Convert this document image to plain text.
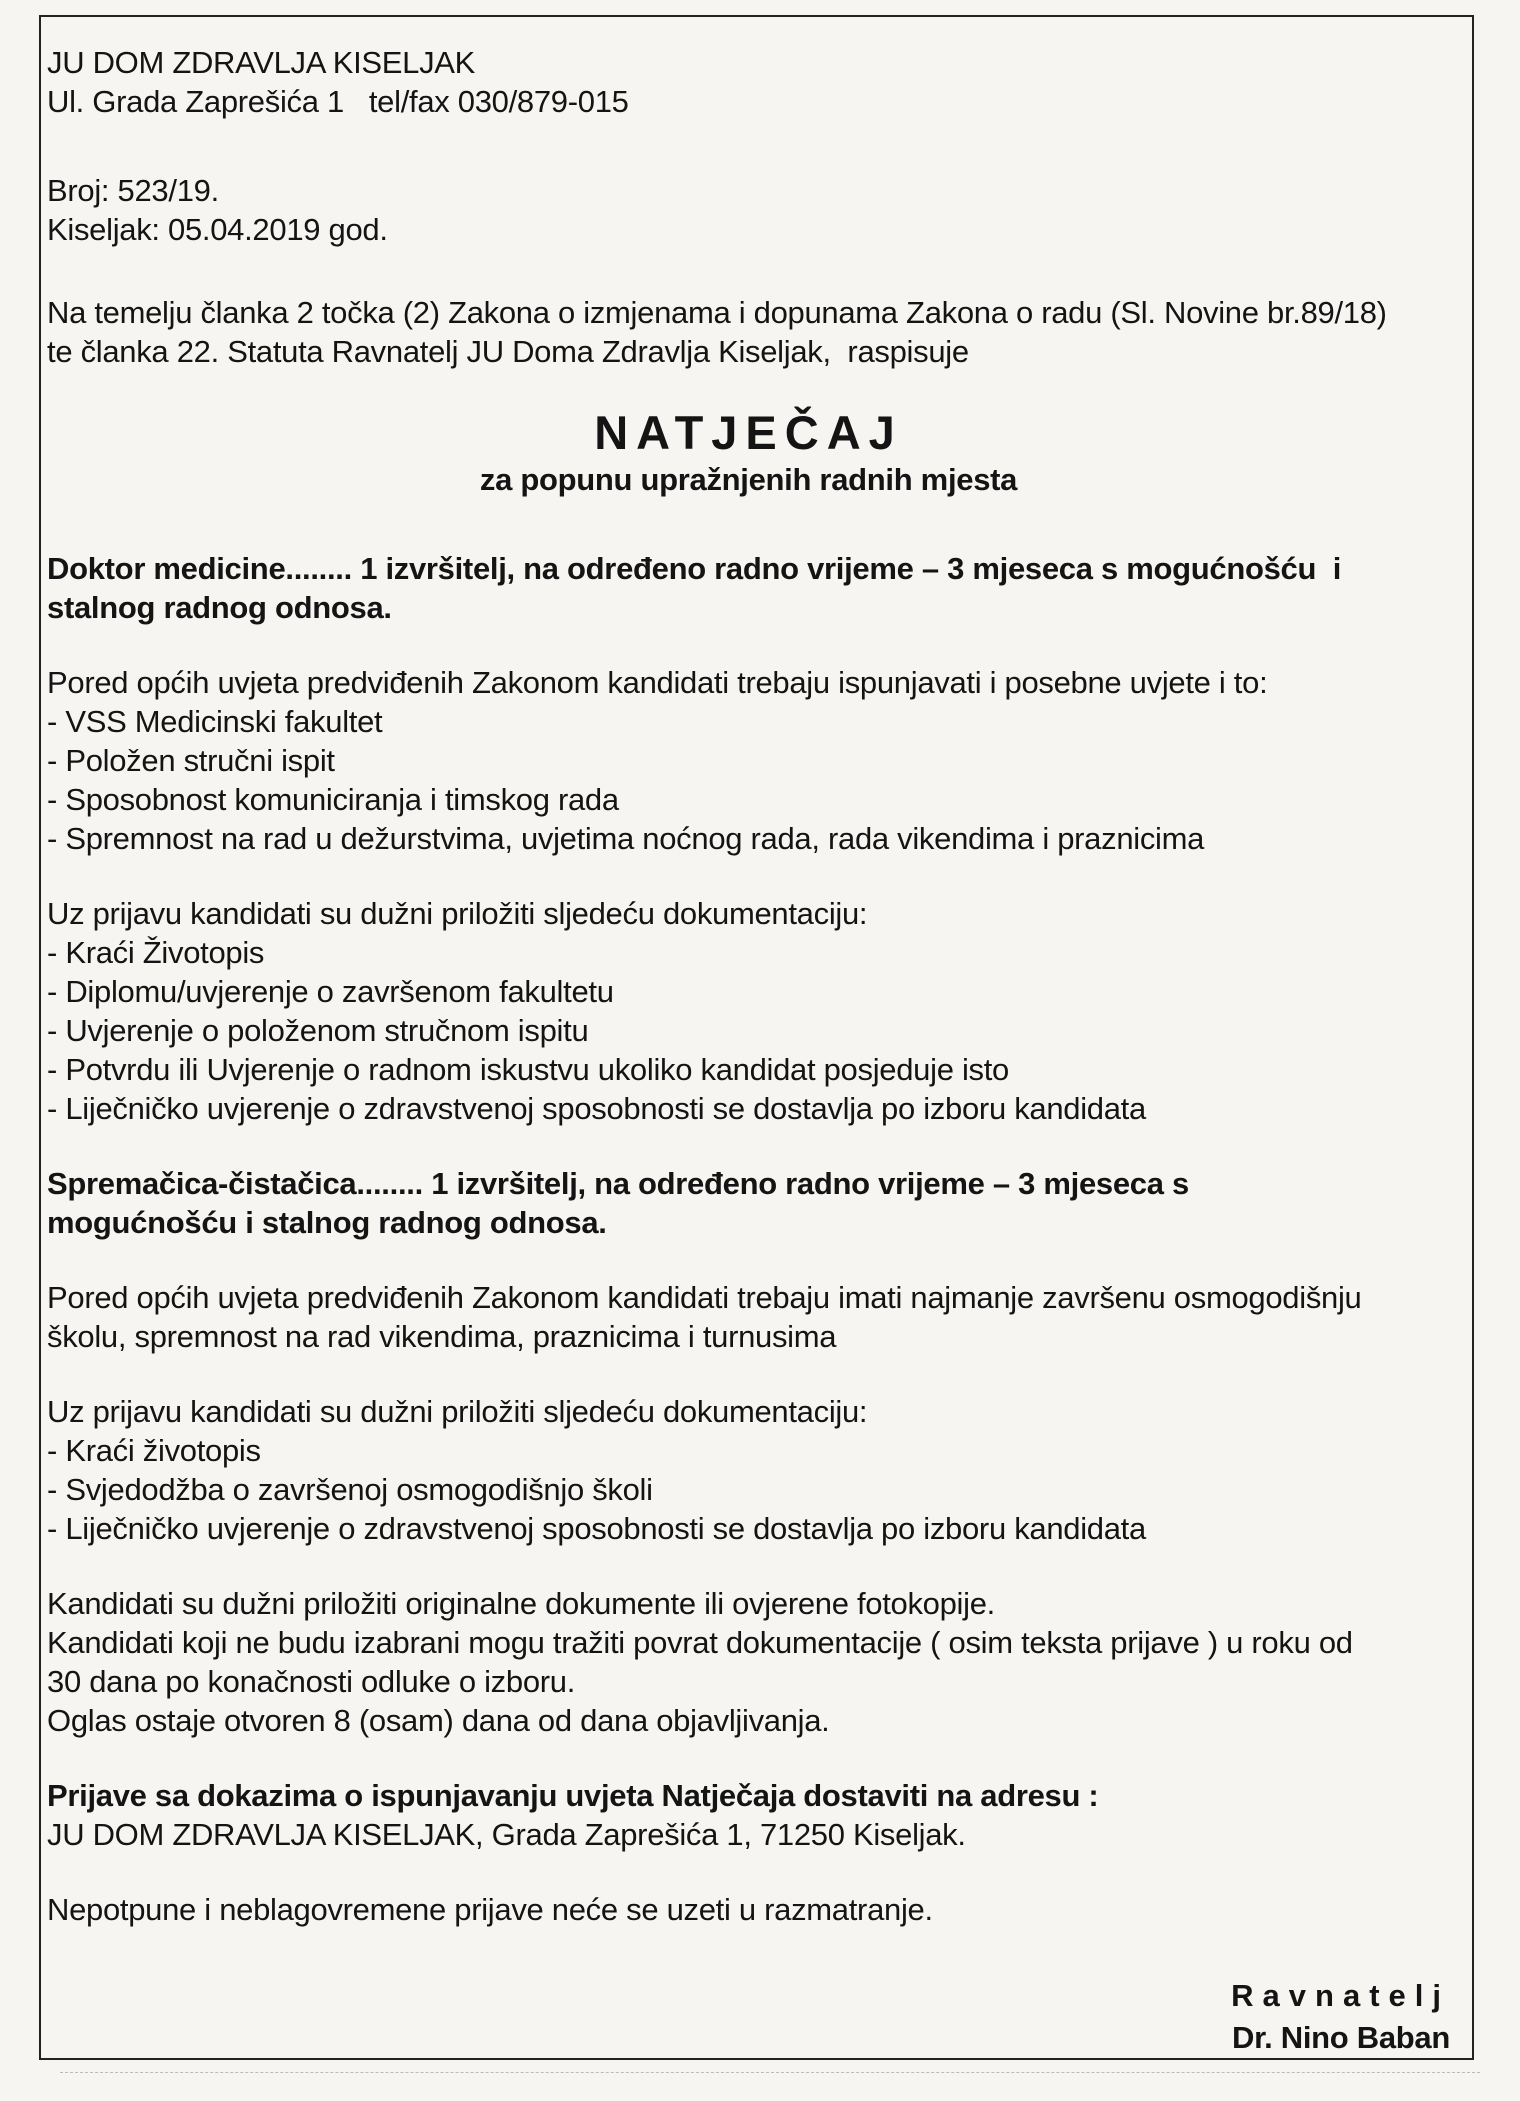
JU DOM ZDRAVLJA KISELJAK
Ul. Grada Zaprešića 1   tel/fax 030/879-015
Broj: 523/19.
Kiseljak: 05.04.2019 god.
Na temelju članka 2 točka (2) Zakona o izmjenama i dopunama Zakona o radu (Sl. Novine br.89/18)
te članka 22. Statuta Ravnatelj JU Doma Zdravlja Kiseljak,  raspisuje
NATJEČAJ
za popunu upražnjenih radnih mjesta
Doktor medicine........ 1 izvršitelj, na određeno radno vrijeme – 3 mjeseca s mogućnošću  i
stalnog radnog odnosa.
Pored općih uvjeta predviđenih Zakonom kandidati trebaju ispunjavati i posebne uvjete i to:
- VSS Medicinski fakultet
- Položen stručni ispit
- Sposobnost komuniciranja i timskog rada
- Spremnost na rad u dežurstvima, uvjetima noćnog rada, rada vikendima i praznicima
Uz prijavu kandidati su dužni priložiti sljedeću dokumentaciju:
- Kraći Životopis
- Diplomu/uvjerenje o završenom fakultetu
- Uvjerenje o položenom stručnom ispitu
- Potvrdu ili Uvjerenje o radnom iskustvu ukoliko kandidat posjeduje isto
- Liječničko uvjerenje o zdravstvenoj sposobnosti se dostavlja po izboru kandidata
Spremačica-čistačica........ 1 izvršitelj, na određeno radno vrijeme – 3 mjeseca s
mogućnošću i stalnog radnog odnosa.
Pored općih uvjeta predviđenih Zakonom kandidati trebaju imati najmanje završenu osmogodišnju
školu, spremnost na rad vikendima, praznicima i turnusima
Uz prijavu kandidati su dužni priložiti sljedeću dokumentaciju:
- Kraći životopis
- Svjedodžba o završenoj osmogodišnjo školi
- Liječničko uvjerenje o zdravstvenoj sposobnosti se dostavlja po izboru kandidata
Kandidati su dužni priložiti originalne dokumente ili ovjerene fotokopije.
Kandidati koji ne budu izabrani mogu tražiti povrat dokumentacije ( osim teksta prijave ) u roku od
30 dana po konačnosti odluke o izboru.
Oglas ostaje otvoren 8 (osam) dana od dana objavljivanja.
Prijave sa dokazima o ispunjavanju uvjeta Natječaja dostaviti na adresu :
JU DOM ZDRAVLJA KISELJAK, Grada Zaprešića 1, 71250 Kiseljak.
Nepotpune i neblagovremene prijave neće se uzeti u razmatranje.
Ravnatelj
Dr. Nino Baban
